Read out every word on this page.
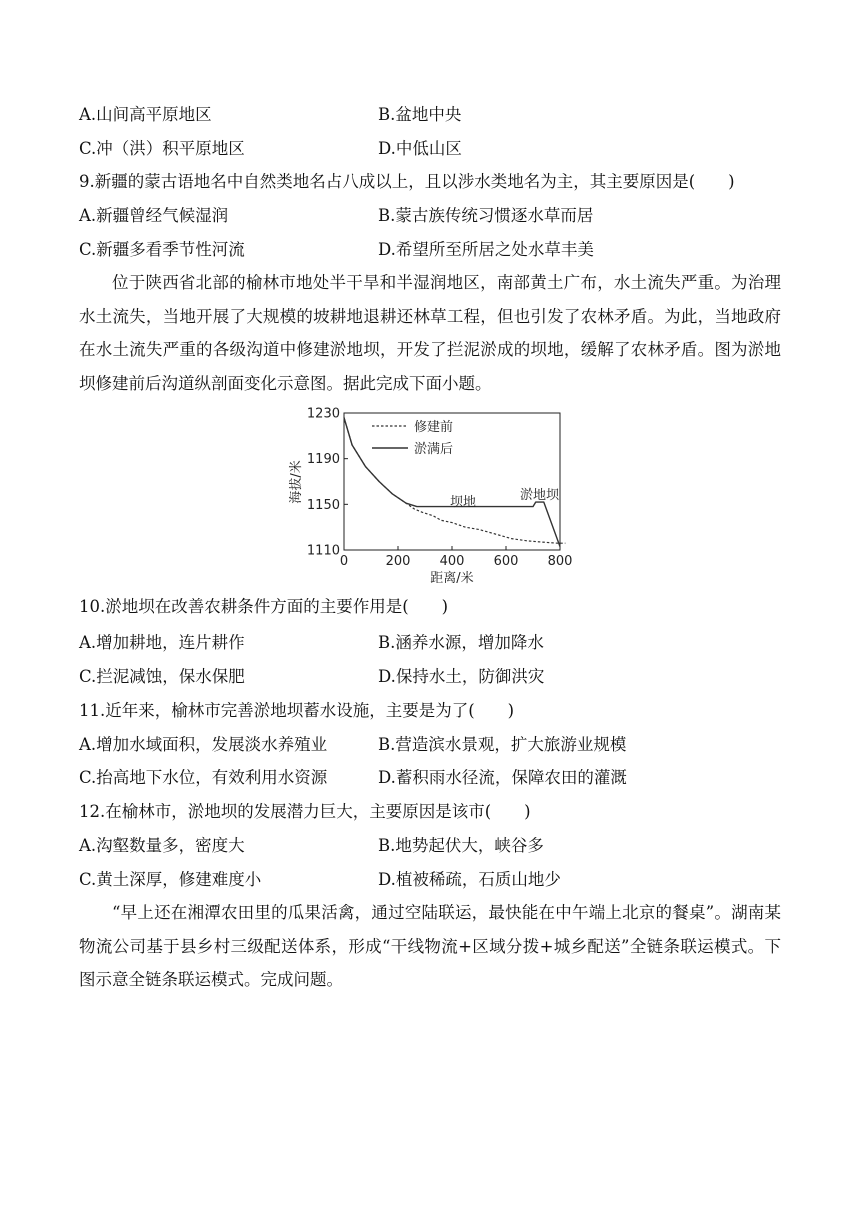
A.山间高平原地区	B.盆地中央
C.冲（洪）积平原地区	D.中低山区
9.新疆的蒙古语地名中自然类地名占八成以上，且以涉水类地名为主，其主要原因是(　　)
A.新疆曾经气候湿润	B.蒙古族传统习惯逐水草而居
C.新疆多看季节性河流	D.希望所至所居之处水草丰美
位于陕西省北部的榆林市地处半干旱和半湿润地区，南部黄土广布，水土流失严重。为治理水土流失，当地开展了大规模的坡耕地退耕还林草工程，但也引发了农林矛盾。为此，当地政府在水土流失严重的各级沟道中修建淤地坝，开发了拦泥淤成的坝地，缓解了农林矛盾。图为淤地坝修建前后沟道纵剖面变化示意图。据此完成下面小题。
1110
1150
1190
1230
0	200 400 600 800
修建前
淤满后
坝地	淤地坝
距离/米
海拔/米
10.淤地坝在改善农耕条件方面的主要作用是(　　)
A.增加耕地，连片耕作	B.涵养水源，增加降水
C.拦泥减蚀，保水保肥	D.保持水土，防御洪灾
11.近年来，榆林市完善淤地坝蓄水设施，主要是为了(　　)
A.增加水域面积，发展淡水养殖业	B.营造滨水景观，扩大旅游业规模
C.抬高地下水位，有效利用水资源	D.蓄积雨水径流，保障农田的灌溉
12.在榆林市，淤地坝的发展潜力巨大，主要原因是该市(　　)
A.沟壑数量多，密度大	B.地势起伏大，峡谷多
C.黄土深厚，修建难度小	D.植被稀疏，石质山地少
“早上还在湘潭农田里的瓜果活禽，通过空陆联运，最快能在中午端上北京的餐桌”。湖南某物流公司基于县乡村三级配送体系，形成“干线物流+区域分拨+城乡配送”全链条联运模式。下图示意全链条联运模式。完成问题。
